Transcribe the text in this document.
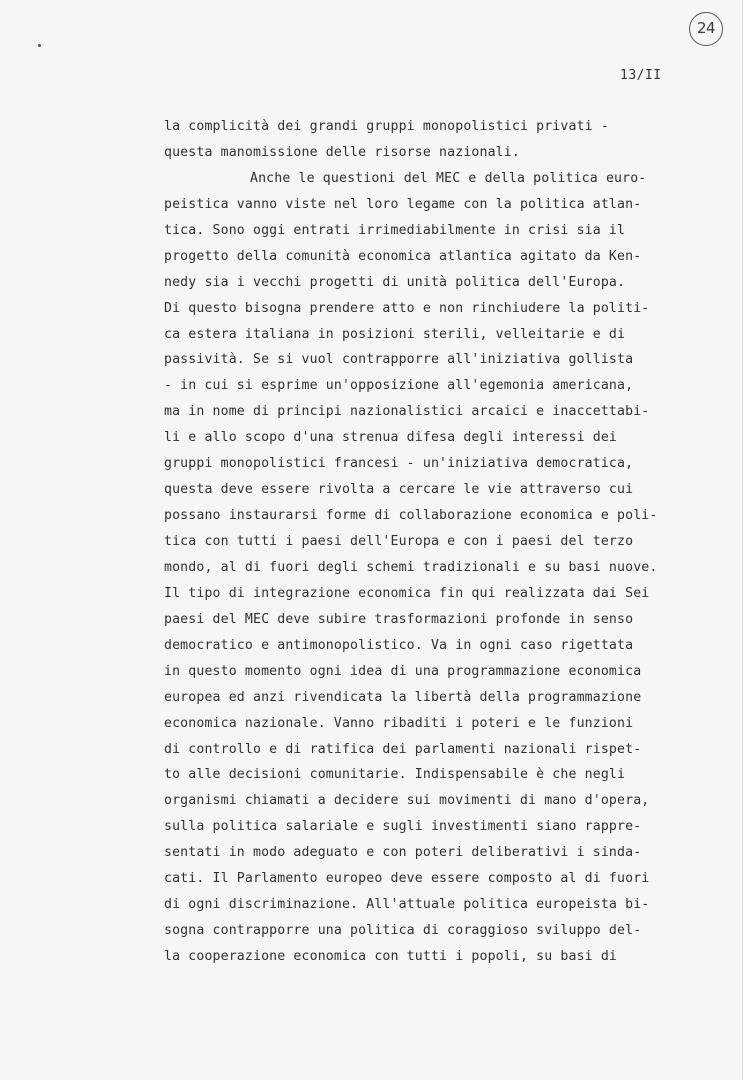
24
13/II
la complicità dei grandi gruppi monopolistici privati -
questa manomissione delle risorse nazionali.
Anche le questioni del MEC e della politica euro-
peistica vanno viste nel loro legame con la politica atlan-
tica. Sono oggi entrati irrimediabilmente in crisi sia il
progetto della comunità economica atlantica agitato da Ken-
nedy sia i vecchi progetti di unità politica dell'Europa.
Di questo bisogna prendere atto e non rinchiudere la politi-
ca estera italiana in posizioni sterili, velleitarie e di
passività. Se si vuol contrapporre all'iniziativa gollista
- in cui si esprime un'opposizione all'egemonia americana,
ma in nome di principi nazionalistici arcaici e inaccettabi-
li e allo scopo d'una strenua difesa degli interessi dei
gruppi monopolistici francesi - un'iniziativa democratica,
questa deve essere rivolta a cercare le vie attraverso cui
possano instaurarsi forme di collaborazione economica e poli-
tica con tutti i paesi dell'Europa e con i paesi del terzo
mondo, al di fuori degli schemi tradizionali e su basi nuove.
Il tipo di integrazione economica fin qui realizzata dai Sei
paesi del MEC deve subire trasformazioni profonde in senso
democratico e antimonopolistico. Va in ogni caso rigettata
in questo momento ogni idea di una programmazione economica
europea ed anzi rivendicata la libertà della programmazione
economica nazionale. Vanno ribaditi i poteri e le funzioni
di controllo e di ratifica dei parlamenti nazionali rispet-
to alle decisioni comunitarie. Indispensabile è che negli
organismi chiamati a decidere sui movimenti di mano d'opera,
sulla politica salariale e sugli investimenti siano rappre-
sentati in modo adeguato e con poteri deliberativi i sinda-
cati. Il Parlamento europeo deve essere composto al di fuori
di ogni discriminazione. All'attuale politica europeista bi-
sogna contrapporre una politica di coraggioso sviluppo del-
la cooperazione economica con tutti i popoli, su basi di
